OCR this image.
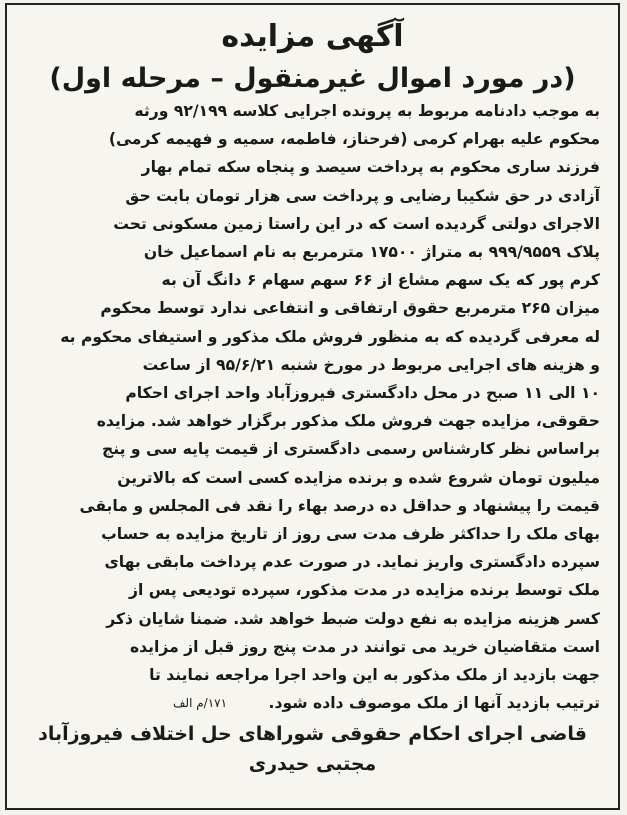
آگهی مزایده
(در مورد اموال غیرمنقول – مرحله اول)
به موجب دادنامه مربوط به پرونده اجرایی کلاسه ۹۲/۱۹۹ ورثه
محکوم علیه بهرام کرمی (فرحناز، فاطمه، سمیه و فهیمه کرمی)
فرزند ساری محکوم به پرداخت سیصد و پنجاه سکه تمام بهار
آزادی در حق شکیبا رضایی و پرداخت سی هزار تومان بابت حق
الاجرای دولتی گردیده است که در این راستا زمین مسکونی تحت
پلاک ۹۹۹/۹۵۵۹ به متراژ ۱۷۵۰۰ مترمربع به نام اسماعیل خان
کرم پور که یک سهم مشاع از ۶۶ سهم سهام ۶ دانگ آن به
میزان ۲۶۵ مترمربع حقوق ارتفاقی و انتفاعی ندارد توسط محکوم
له معرفی گردیده که به منظور فروش ملک مذکور و استیفای محکوم به
و هزینه های اجرایی مربوط در مورخ شنبه ۹۵/۶/۲۱ از ساعت
۱۰ الی ۱۱ صبح در محل دادگستری فیروزآباد واحد اجرای احکام
حقوقی، مزایده جهت فروش ملک مذکور برگزار خواهد شد. مزایده
براساس نظر کارشناس رسمی دادگستری از قیمت پایه سی و پنج
میلیون تومان شروع شده و برنده مزایده کسی است که بالاترین
قیمت را پیشنهاد و حداقل ده درصد بهاء را نقد فی المجلس و مابقی
بهای ملک را حداکثر ظرف مدت سی روز از تاریخ مزایده به حساب
سپرده دادگستری واریز نماید. در صورت عدم پرداخت مابقی بهای
ملک توسط برنده مزایده در مدت مذکور، سپرده تودیعی پس از
کسر هزینه مزایده به نفع دولت ضبط خواهد شد. ضمنا شایان ذکر
است متقاضیان خرید می توانند در مدت پنج روز قبل از مزایده
جهت بازدید از ملک مذکور به این واحد اجرا مراجعه نمایند تا
ترتیب بازدید آنها از ملک موصوف داده شود.
۱۷۱/م الف
قاضی اجرای احکام حقوقی شوراهای حل اختلاف فیروزآباد
مجتبی حیدری
